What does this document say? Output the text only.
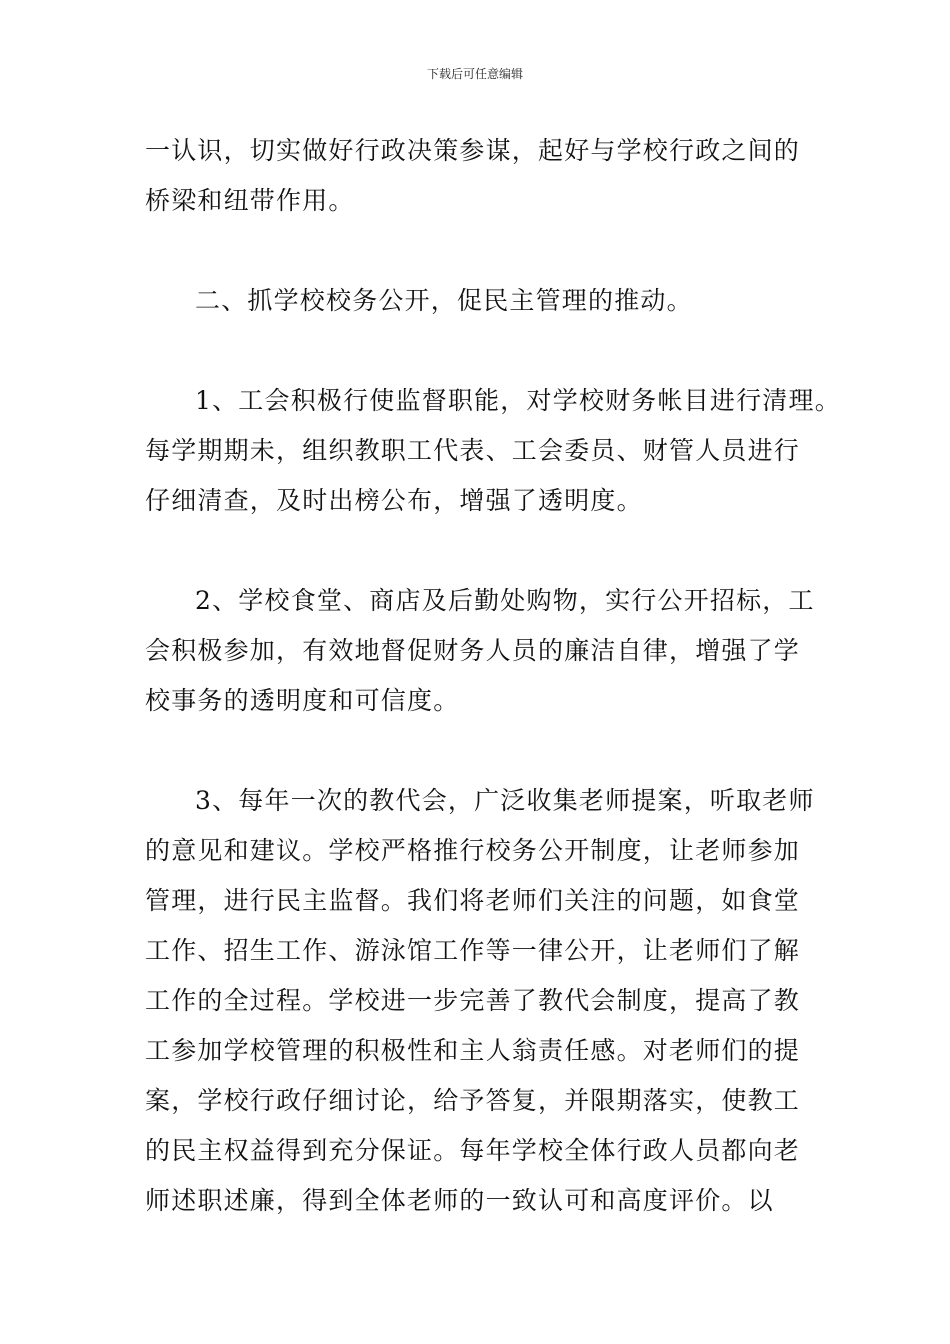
下载后可任意编辑
一认识，切实做好行政决策参谋，起好与学校行政之间的
桥梁和纽带作用。
二、抓学校校务公开，促民主管理的推动。
1、工会积极行使监督职能，对学校财务帐目进行清理。
每学期期未，组织教职工代表、工会委员、财管人员进行
仔细清查，及时出榜公布，增强了透明度。
2、学校食堂、商店及后勤处购物，实行公开招标，工
会积极参加，有效地督促财务人员的廉洁自律，增强了学
校事务的透明度和可信度。
3、每年一次的教代会，广泛收集老师提案，听取老师
的意见和建议。学校严格推行校务公开制度，让老师参加
管理，进行民主监督。我们将老师们关注的问题，如食堂
工作、招生工作、游泳馆工作等一律公开，让老师们了解
工作的全过程。学校进一步完善了教代会制度，提高了教
工参加学校管理的积极性和主人翁责任感。对老师们的提
案，学校行政仔细讨论，给予答复，并限期落实，使教工
的民主权益得到充分保证。每年学校全体行政人员都向老
师述职述廉，得到全体老师的一致认可和高度评价。以
